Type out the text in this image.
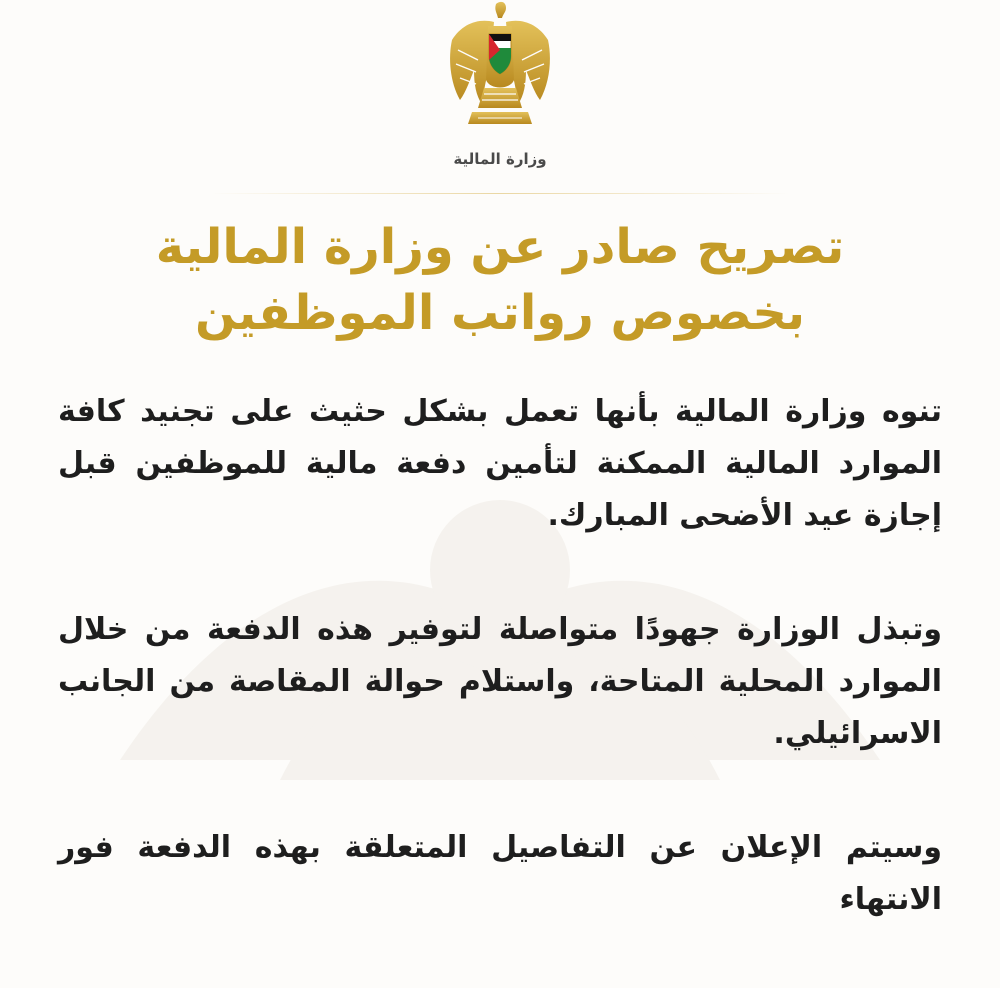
وزارة المالية
تصريح صادر عن وزارة المالية بخصوص رواتب الموظفين

تنوه وزارة المالية بأنها تعمل بشكل حثيث على تجنيد كافة الموارد المالية الممكنة لتأمين دفعة مالية للموظفين قبل إجازة عيد الأضحى المبارك.

وتبذل الوزارة جهودًا متواصلة لتوفير هذه الدفعة من خلال الموارد المحلية المتاحة، واستلام حوالة المقاصة من الجانب الاسرائيلي.

وسيتم الإعلان عن التفاصيل المتعلقة بهذه الدفعة فور الانتهاء
